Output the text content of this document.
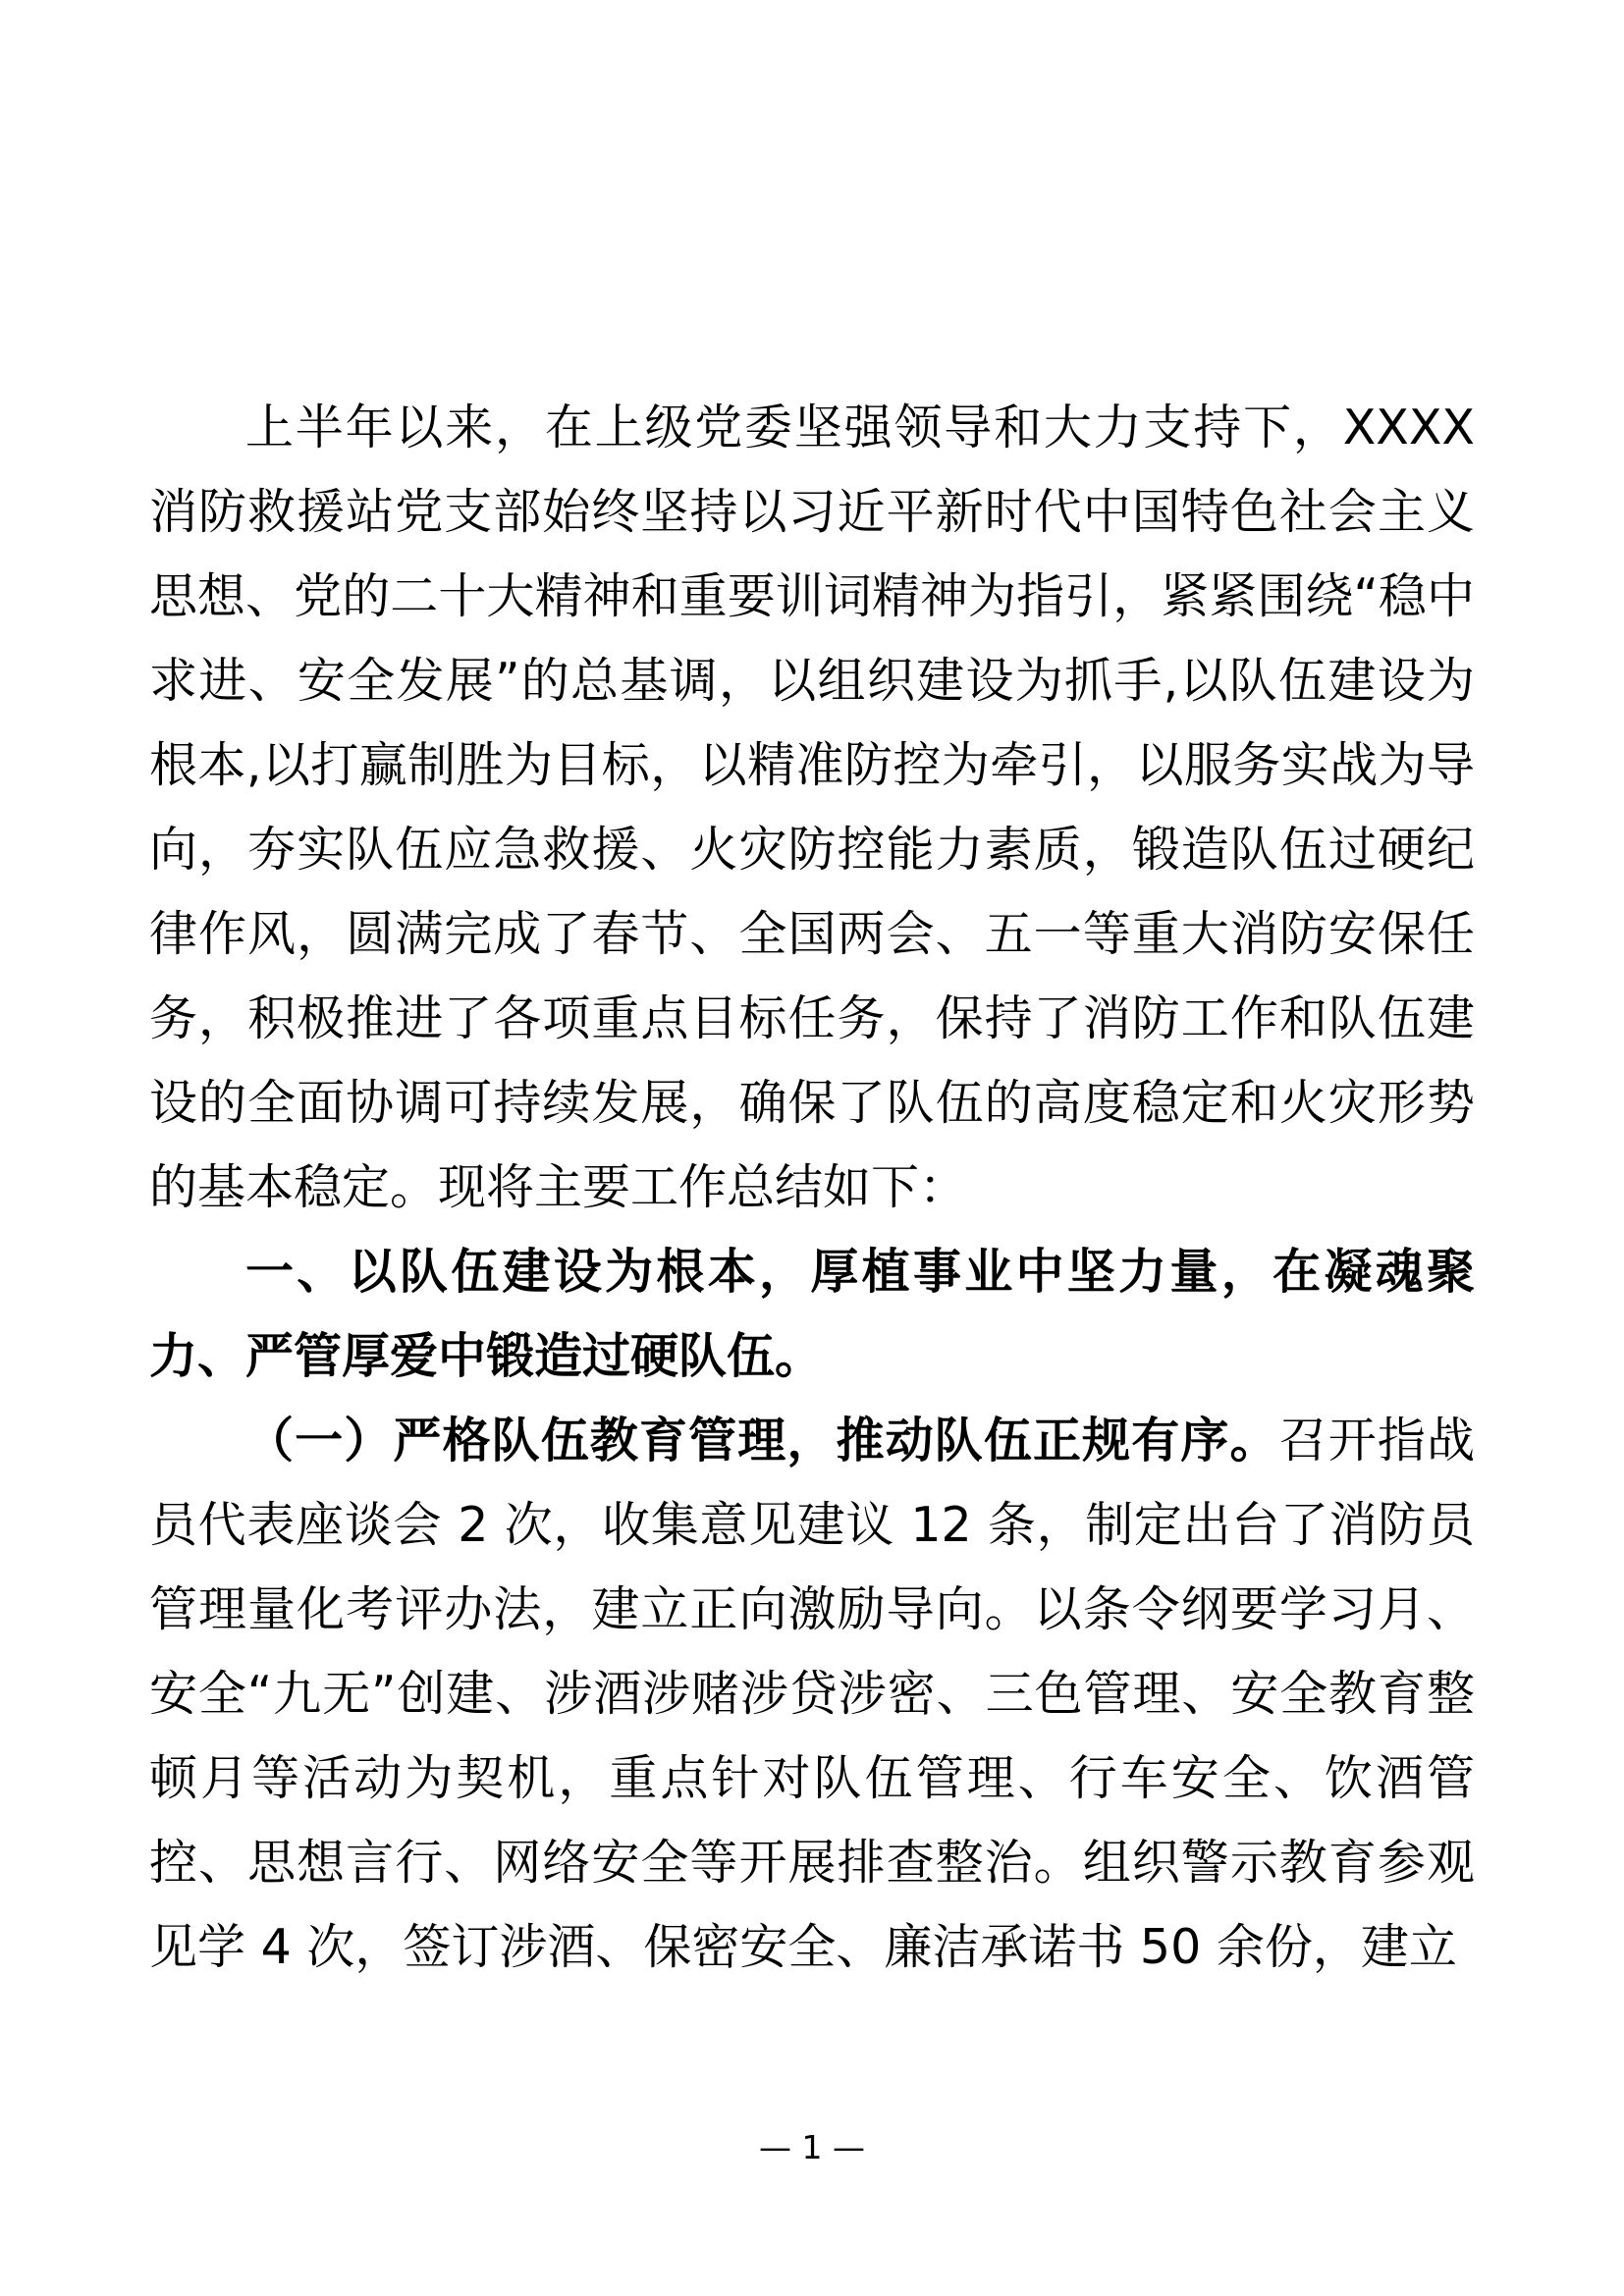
上半年以来，在上级党委坚强领导和大力支持下，XXXX消防救援站党支部始终坚持以习近平新时代中国特色社会主义思想、党的二十大精神和重要训词精神为指引，紧紧围绕“稳中求进、安全发展”的总基调，以组织建设为抓手,以队伍建设为根本,以打赢制胜为目标，以精准防控为牵引，以服务实战为导向，夯实队伍应急救援、火灾防控能力素质，锻造队伍过硬纪律作风，圆满完成了春节、全国两会、五一等重大消防安保任务，积极推进了各项重点目标任务，保持了消防工作和队伍建设的全面协调可持续发展，确保了队伍的高度稳定和火灾形势的基本稳定。现将主要工作总结如下：

一、以队伍建设为根本，厚植事业中坚力量，在凝魂聚力、严管厚爱中锻造过硬队伍。

（一）严格队伍教育管理，推动队伍正规有序。召开指战员代表座谈会 2 次，收集意见建议 12 条，制定出台了消防员管理量化考评办法，建立正向激励导向。以条令纲要学习月、安全“九无”创建、涉酒涉赌涉贷涉密、三色管理、安全教育整顿月等活动为契机，重点针对队伍管理、行车安全、饮酒管控、思想言行、网络安全等开展排查整治。组织警示教育参观见学 4 次，签订涉酒、保密安全、廉洁承诺书 50 余份，建立

— 1 —
